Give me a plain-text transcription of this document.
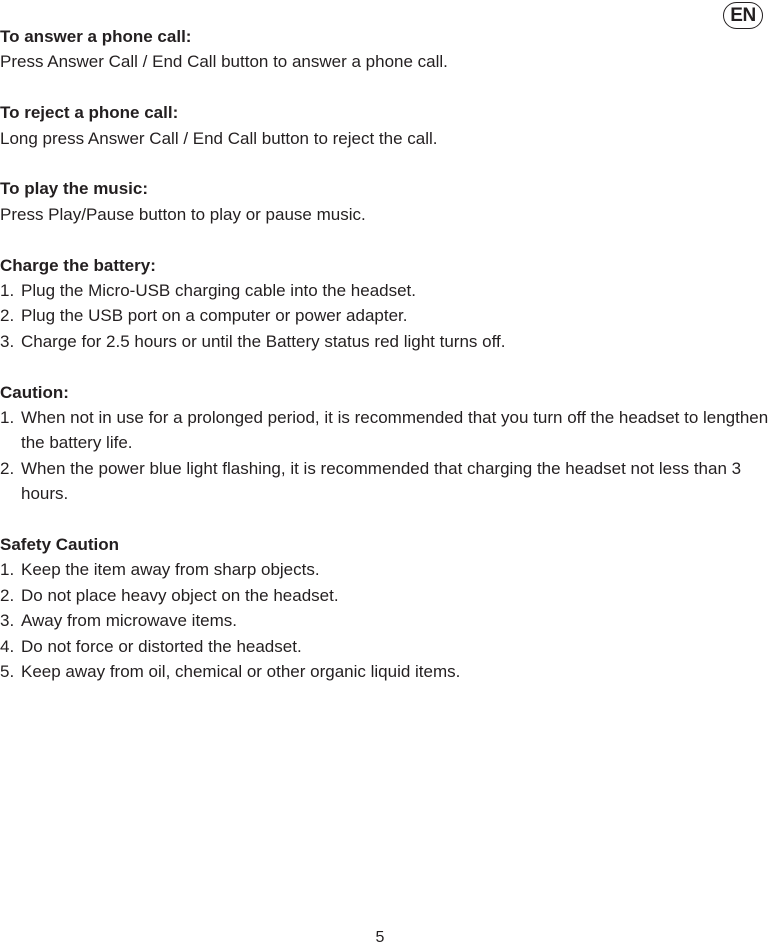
EN

To answer a phone call:

Press Answer Call / End Call button to answer a phone call.

To reject a phone call:

Long press Answer Call / End Call button to reject the call.

To play the music:

Press Play/Pause button to play or pause music.

Charge the battery:

1. Plug the Micro-USB charging cable into the headset.
2. Plug the USB port on a computer or power adapter.
3. Charge for 2.5 hours or until the Battery status red light turns off.

Caution:

1. When not in use for a prolonged period, it is recommended that you turn off the headset to lengthen the battery life.
2. When the power blue light flashing, it is recommended that charging the headset not less than 3 hours.

Safety Caution

1. Keep the item away from sharp objects.
2. Do not place heavy object on the headset.
3. Away from microwave items.
4. Do not force or distorted the headset.
5. Keep away from oil, chemical or other organic liquid items.
5
